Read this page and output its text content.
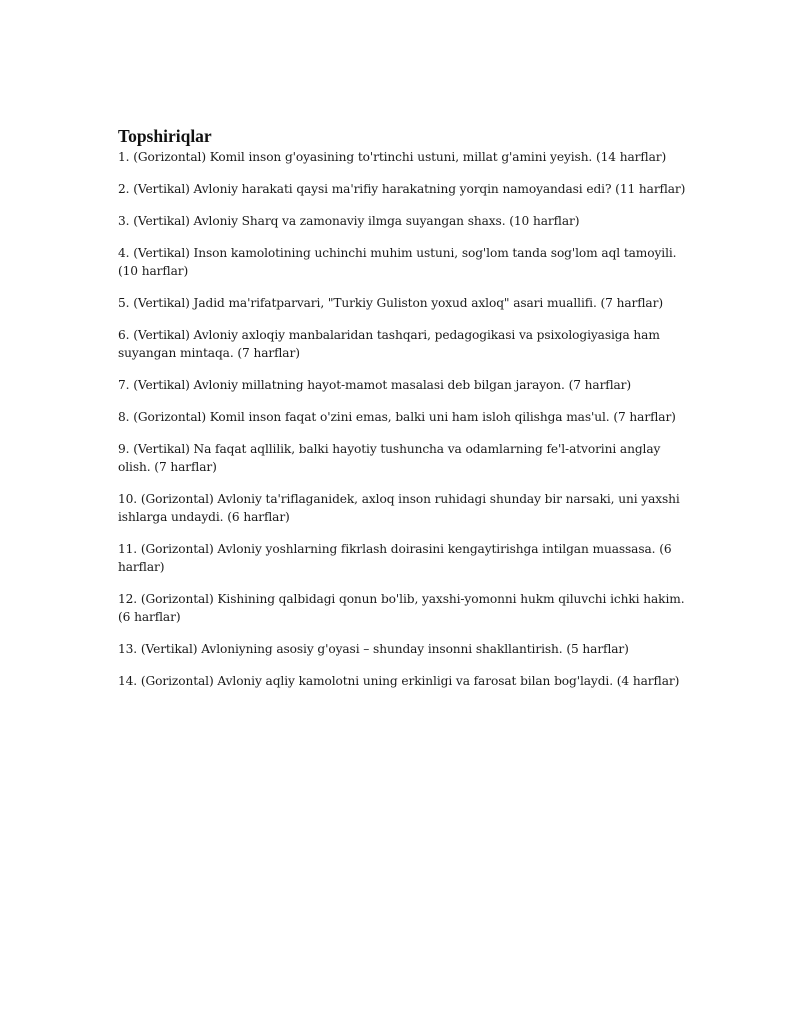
Topshiriqlar
1. (Gorizontal) Komil inson g'oyasining to'rtinchi ustuni, millat g'amini yeyish. (14 harflar)
2. (Vertikal) Avloniy harakati qaysi ma'rifiy harakatning yorqin namoyandasi edi? (11 harflar)
3. (Vertikal) Avloniy Sharq va zamonaviy ilmga suyangan shaxs. (10 harflar)
4. (Vertikal) Inson kamolotining uchinchi muhim ustuni, sog'lom tanda sog'lom aql tamoyili. (10 harflar)
5. (Vertikal) Jadid ma'rifatparvari, "Turkiy Guliston yoxud axloq" asari muallifi. (7 harflar)
6. (Vertikal) Avloniy axloqiy manbalaridan tashqari, pedagogikasi va psixologiyasiga ham suyangan mintaqa. (7 harflar)
7. (Vertikal) Avloniy millatning hayot-mamot masalasi deb bilgan jarayon. (7 harflar)
8. (Gorizontal) Komil inson faqat o'zini emas, balki uni ham isloh qilishga mas'ul. (7 harflar)
9. (Vertikal) Na faqat aqllilik, balki hayotiy tushuncha va odamlarning fe'l-atvorini anglay olish. (7 harflar)
10. (Gorizontal) Avloniy ta'riflaganidek, axloq inson ruhidagi shunday bir narsaki, uni yaxshi ishlarga undaydi. (6 harflar)
11. (Gorizontal) Avloniy yoshlarning fikrlash doirasini kengaytirishga intilgan muassasa. (6 harflar)
12. (Gorizontal) Kishining qalbidagi qonun bo'lib, yaxshi-yomonni hukm qiluvchi ichki hakim. (6 harflar)
13. (Vertikal) Avloniyning asosiy g'oyasi – shunday insonni shakllantirish. (5 harflar)
14. (Gorizontal) Avloniy aqliy kamolotni uning erkinligi va farosat bilan bog'laydi. (4 harflar)
